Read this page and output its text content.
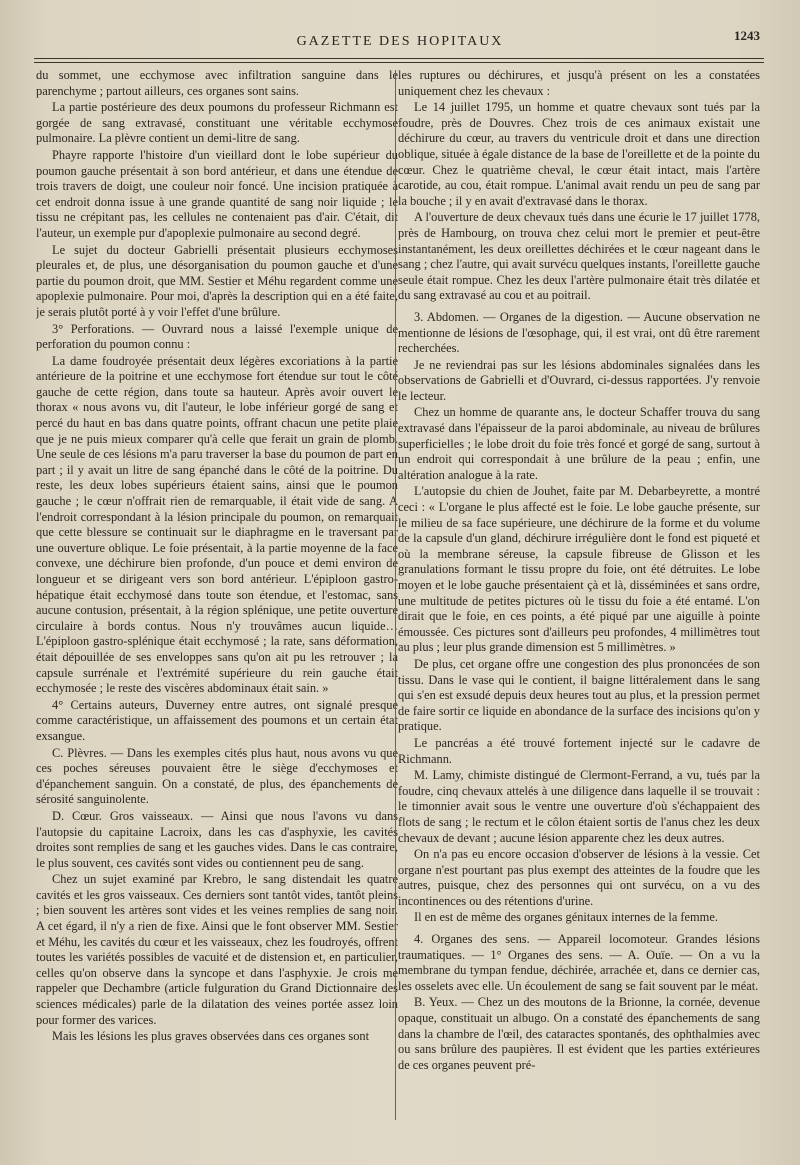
GAZETTE DES HOPITAUX	1243

du sommet, une ecchymose avec infiltration sanguine dans le parenchyme ; partout ailleurs, ces organes sont sains.

La partie postérieure des deux poumons du professeur Richmann est gorgée de sang extravasé, constituant une véritable ecchymose pulmonaire. La plèvre contient un demi-litre de sang.

Phayre rapporte l'histoire d'un vieillard dont le lobe supérieur du poumon gauche présentait à son bord antérieur, et dans une étendue de trois travers de doigt, une couleur noir foncé. Une incision pratiquée à cet endroit donna issue à une grande quantité de sang noir liquide ; le tissu ne crépitant pas, les cellules ne contenaient pas d'air. C'était, dit l'auteur, un exemple pur d'apoplexie pulmonaire au second degré.

Le sujet du docteur Gabrielli présentait plusieurs ecchymoses pleurales et, de plus, une désorganisation du poumon gauche et d'une partie du poumon droit, que MM. Sestier et Méhu regardent comme une apoplexie pulmonaire. Pour moi, d'après la description qui en a été faite, je serais plutôt porté à y voir l'effet d'une brûlure.

3° Perforations. — Ouvrard nous a laissé l'exemple unique de perforation du poumon connu :

La dame foudroyée présentait deux légères excoriations à la partie antérieure de la poitrine et une ecchymose fort étendue sur tout le côté gauche de cette région, dans toute sa hauteur. Après avoir ouvert le thorax « nous avons vu, dit l'auteur, le lobe inférieur gorgé de sang et percé du haut en bas dans quatre points, offrant chacun une petite plaie que je ne puis mieux comparer qu'à celle que ferait un grain de plomb. Une seule de ces lésions m'a paru traverser la base du poumon de part en part ; il y avait un litre de sang épanché dans le côté de la poitrine. Du reste, les deux lobes supérieurs étaient sains, ainsi que le poumon gauche ; le cœur n'offrait rien de remarquable, il était vide de sang. A l'endroit correspondant à la lésion principale du poumon, on remarquait que cette blessure se continuait sur le diaphragme en le traversant par une ouverture oblique. Le foie présentait, à la partie moyenne de la face convexe, une déchirure bien profonde, d'un pouce et demi environ de longueur et se dirigeant vers son bord antérieur. L'épiploon gastro-hépatique était ecchymosé dans toute son étendue, et l'estomac, sans aucune contusion, présentait, à la région splénique, une petite ouverture circulaire à bords contus. Nous n'y trouvâmes aucun liquide… L'épiploon gastro-splénique était ecchymosé ; la rate, sans déformation, était dépouillée de ses enveloppes sans qu'on ait pu les retrouver ; la capsule surrénale et l'extrémité supérieure du rein gauche était ecchymosée ; le reste des viscères abdominaux était sain. »

4° Certains auteurs, Duverney entre autres, ont signalé presque comme caractéristique, un affaissement des poumons et un certain état exsangue.

C. Plèvres. — Dans les exemples cités plus haut, nous avons vu que ces poches séreuses pouvaient être le siège d'ecchymoses et d'épanchement sanguin. On a constaté, de plus, des épanchements de sérosité sanguinolente.

D. Cœur. Gros vaisseaux. — Ainsi que nous l'avons vu dans l'autopsie du capitaine Lacroix, dans les cas d'asphyxie, les cavités droites sont remplies de sang et les gauches vides. Dans le cas contraire, le plus souvent, ces cavités sont vides ou contiennent peu de sang.

Chez un sujet examiné par Krebro, le sang distendait les quatre cavités et les gros vaisseaux. Ces derniers sont tantôt vides, tantôt pleins ; bien souvent les artères sont vides et les veines remplies de sang noir. A cet égard, il n'y a rien de fixe. Ainsi que le font observer MM. Sestier et Méhu, les cavités du cœur et les vaisseaux, chez les foudroyés, offrent toutes les variétés possibles de vacuité et de distension et, en particulier, celles qu'on observe dans la syncope et dans l'asphyxie. Je crois me rappeler que Dechambre (article fulguration du Grand Dictionnaire des sciences médicales) parle de la dilatation des veines portée assez loin pour former des varices.

Mais les lésions les plus graves observées dans ces organes sont

les ruptures ou déchirures, et jusqu'à présent on les a constatées uniquement chez les chevaux :

Le 14 juillet 1795, un homme et quatre chevaux sont tués par la foudre, près de Douvres. Chez trois de ces animaux existait une déchirure du cœur, au travers du ventricule droit et dans une direction oblique, située à égale distance de la base de l'oreillette et de la pointe du cœur. Chez le quatrième cheval, le cœur était intact, mais l'artère carotide, au cou, était rompue. L'animal avait rendu un peu de sang par la bouche ; il y en avait d'extravasé dans le thorax.

A l'ouverture de deux chevaux tués dans une écurie le 17 juillet 1778, près de Hambourg, on trouva chez celui mort le premier et peut-être instantanément, les deux oreillettes déchirées et le cœur nageant dans le sang ; chez l'autre, qui avait survécu quelques instants, l'oreillette gauche seule était rompue. Chez les deux l'artère pulmonaire était très dilatée et du sang extravasé au cou et au poitrail.

3. Abdomen. — Organes de la digestion. — Aucune observation ne mentionne de lésions de l'œsophage, qui, il est vrai, ont dû être rarement recherchées.

Je ne reviendrai pas sur les lésions abdominales signalées dans les observations de Gabrielli et d'Ouvrard, ci-dessus rapportées. J'y renvoie le lecteur.

Chez un homme de quarante ans, le docteur Schaffer trouva du sang extravasé dans l'épaisseur de la paroi abdominale, au niveau de brûlures superficielles ; le lobe droit du foie très foncé et gorgé de sang, surtout à un endroit qui correspondait à une brûlure de la peau ; enfin, une altération analogue à la rate.

L'autopsie du chien de Jouhet, faite par M. Debarbeyrette, a montré ceci : « L'organe le plus affecté est le foie. Le lobe gauche présente, sur le milieu de sa face supérieure, une déchirure de la forme et du volume de la capsule d'un gland, déchirure irrégulière dont le fond est piqueté et où la membrane séreuse, la capsule fibreuse de Glisson et les granulations formant le tissu propre du foie, ont été détruites. Le lobe moyen et le lobe gauche présentaient çà et là, disséminées et sans ordre, une multitude de petites pictures où le tissu du foie a été entamé. L'on dirait que le foie, en ces points, a été piqué par une aiguille à pointe émoussée. Ces pictures sont d'ailleurs peu profondes, 4 millimètres tout au plus ; leur plus grande dimension est 5 millimètres. »

De plus, cet organe offre une congestion des plus prononcées de son tissu. Dans le vase qui le contient, il baigne littéralement dans le sang qui s'en est exsudé depuis deux heures tout au plus, et la pression permet de faire sortir ce liquide en abondance de la surface des incisions qu'on y pratique.

Le pancréas a été trouvé fortement injecté sur le cadavre de Richmann.

M. Lamy, chimiste distingué de Clermont-Ferrand, a vu, tués par la foudre, cinq chevaux attelés à une diligence dans laquelle il se trouvait : le timonnier avait sous le ventre une ouverture d'où s'échappaient des flots de sang ; le rectum et le côlon étaient sortis de l'anus chez les deux chevaux de devant ; aucune lésion apparente chez les deux autres.

On n'a pas eu encore occasion d'observer de lésions à la vessie. Cet organe n'est pourtant pas plus exempt des atteintes de la foudre que les autres, puisque, chez des personnes qui ont survécu, on a vu des incontinences ou des rétentions d'urine.

Il en est de même des organes génitaux internes de la femme.

4. Organes des sens. — Appareil locomoteur. Grandes lésions traumatiques. — 1° Organes des sens. — A. Ouïe. — On a vu la membrane du tympan fendue, déchirée, arrachée et, dans ce dernier cas, les osselets avec elle. Un écoulement de sang se fait souvent par le méat.

B. Yeux. — Chez un des moutons de la Brionne, la cornée, devenue opaque, constituait un albugo. On a constaté des épanchements de sang dans la chambre de l'œil, des cataractes spontanés, des ophthalmies avec ou sans brûlure des paupières. Il est évident que les parties extérieures de ces organes peuvent pré-
